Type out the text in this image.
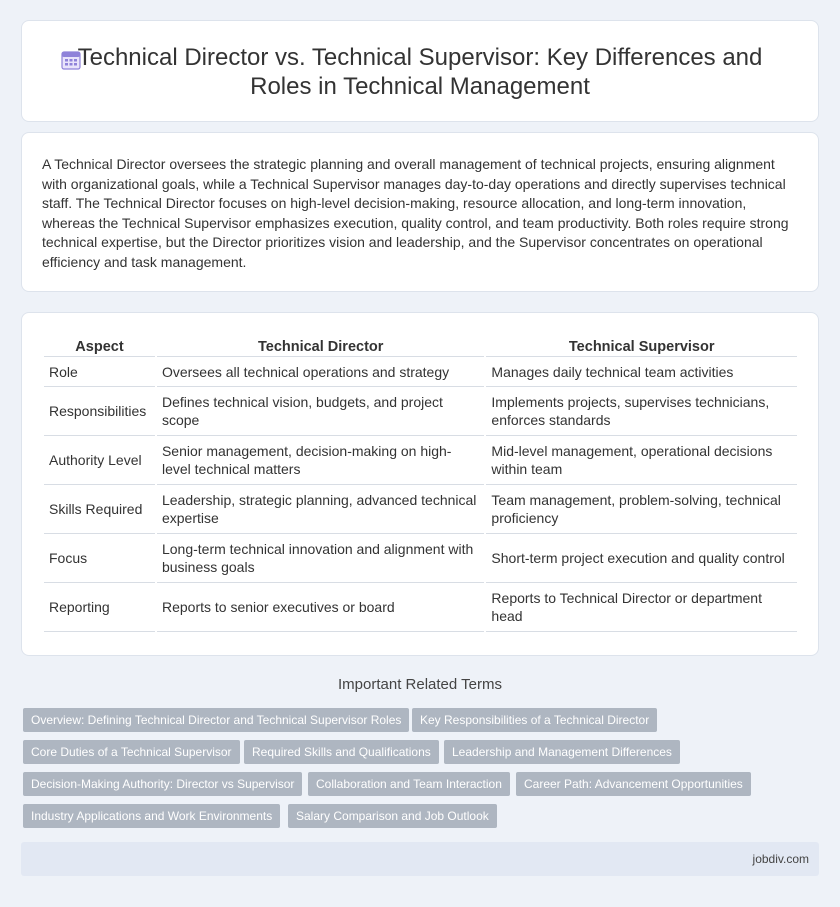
Technical Director vs. Technical Supervisor: Key Differences and Roles in Technical Management

A Technical Director oversees the strategic planning and overall management of technical projects, ensuring alignment with organizational goals, while a Technical Supervisor manages day-to-day operations and directly supervises technical staff. The Technical Director focuses on high-level decision-making, resource allocation, and long-term innovation, whereas the Technical Supervisor emphasizes execution, quality control, and team productivity. Both roles require strong technical expertise, but the Director prioritizes vision and leadership, and the Supervisor concentrates on operational efficiency and task management.

Aspect	Technical Director	Technical Supervisor
Role	Oversees all technical operations and strategy	Manages daily technical team activities
Responsibilities	Defines technical vision, budgets, and project scope	Implements projects, supervises technicians, enforces standards
Authority Level	Senior management, decision-making on high-level technical matters	Mid-level management, operational decisions within team
Skills Required	Leadership, strategic planning, advanced technical expertise	Team management, problem-solving, technical proficiency
Focus	Long-term technical innovation and alignment with business goals	Short-term project execution and quality control
Reporting	Reports to senior executives or board	Reports to Technical Director or department head
Important Related Terms
Overview: Defining Technical Director and Technical Supervisor Roles	Key Responsibilities of a Technical Director
Core Duties of a Technical Supervisor	Required Skills and Qualifications	Leadership and Management Differences
Decision-Making Authority: Director vs Supervisor	Collaboration and Team Interaction	Career Path: Advancement Opportunities
Industry Applications and Work Environments	Salary Comparison and Job Outlook
jobdiv.com
